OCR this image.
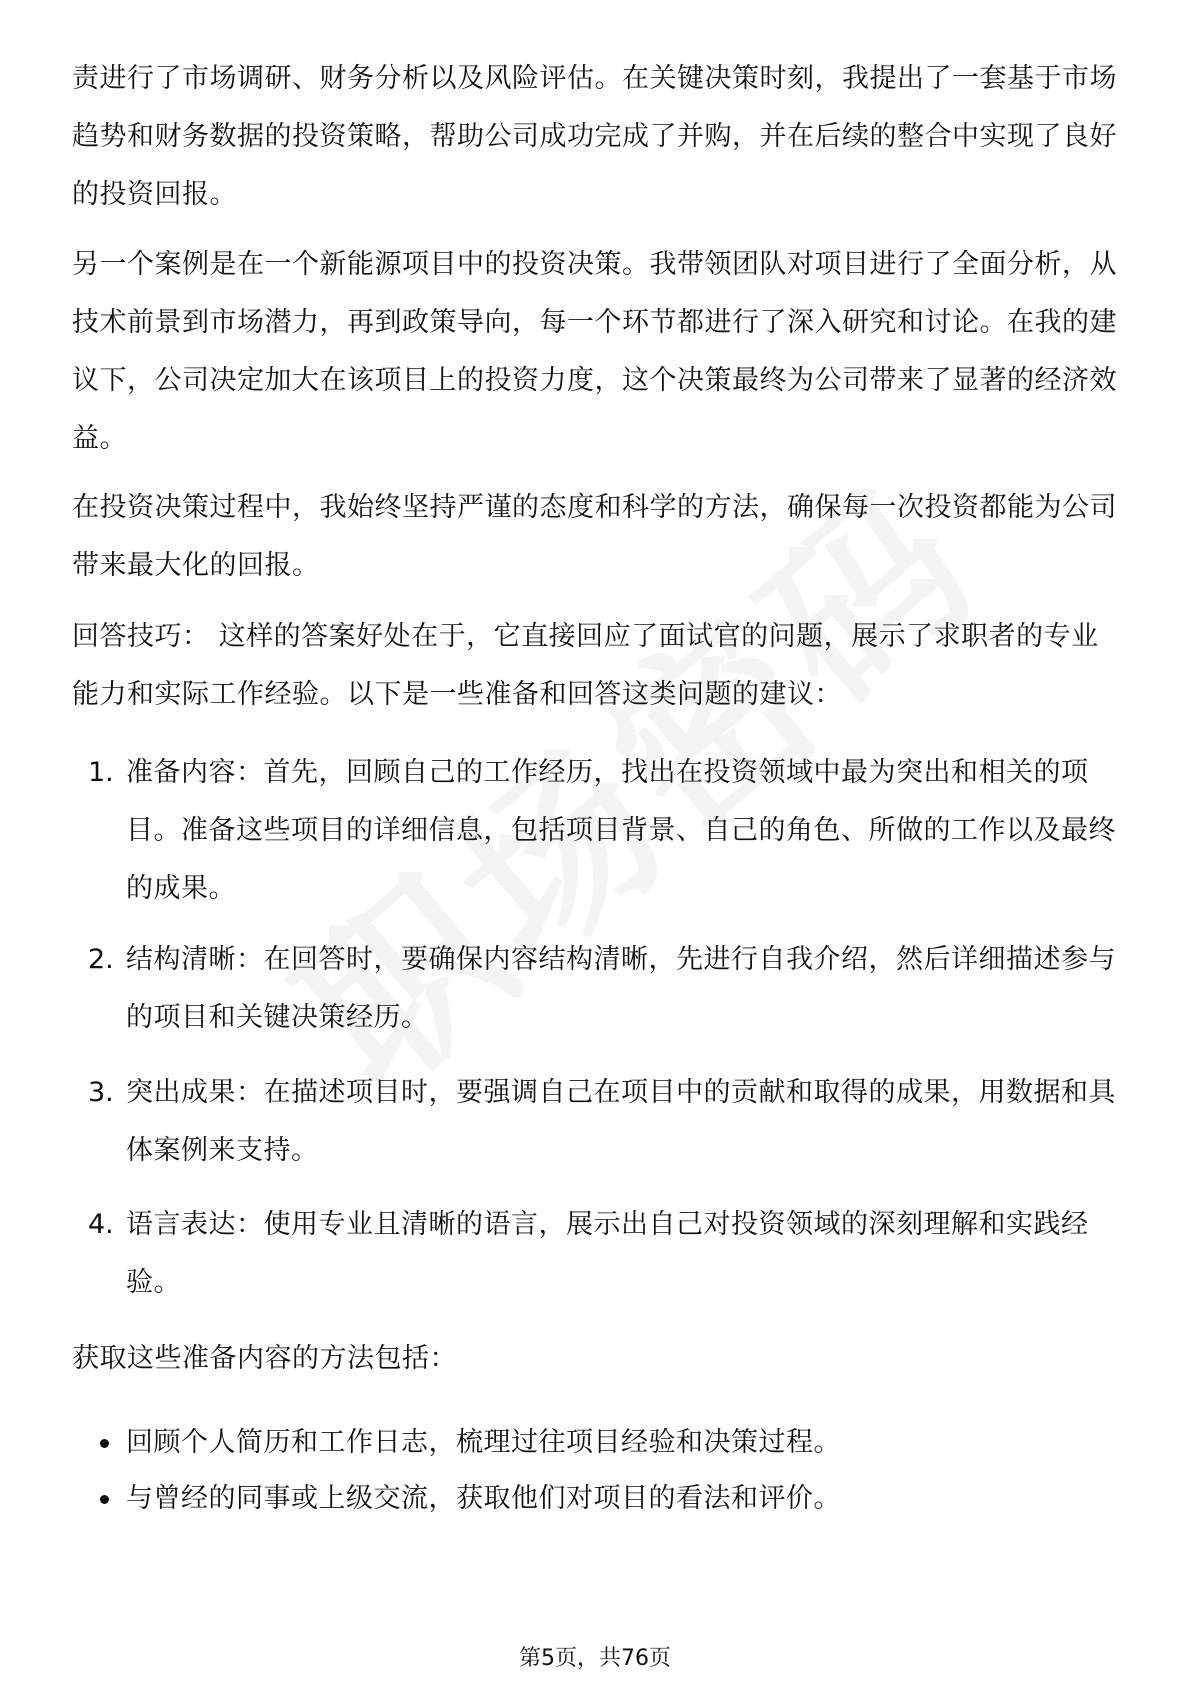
责进行了市场调研、财务分析以及风险评估。在关键决策时刻，我提出了一套基于市场趋势和财务数据的投资策略，帮助公司成功完成了并购，并在后续的整合中实现了良好的投资回报。

另一个案例是在一个新能源项目中的投资决策。我带领团队对项目进行了全面分析，从技术前景到市场潜力，再到政策导向，每一个环节都进行了深入研究和讨论。在我的建议下，公司决定加大在该项目上的投资力度，这个决策最终为公司带来了显著的经济效益。

在投资决策过程中，我始终坚持严谨的态度和科学的方法，确保每一次投资都能为公司带来最大化的回报。

回答技巧： 这样的答案好处在于，它直接回应了面试官的问题，展示了求职者的专业能力和实际工作经验。以下是一些准备和回答这类问题的建议：

1. 准备内容：首先，回顾自己的工作经历，找出在投资领域中最为突出和相关的项目。准备这些项目的详细信息，包括项目背景、自己的角色、所做的工作以及最终的成果。
2. 结构清晰：在回答时，要确保内容结构清晰，先进行自我介绍，然后详细描述参与的项目和关键决策经历。
3. 突出成果：在描述项目时，要强调自己在项目中的贡献和取得的成果，用数据和具体案例来支持。
4. 语言表达：使用专业且清晰的语言，展示出自己对投资领域的深刻理解和实践经验。

获取这些准备内容的方法包括：

回顾个人简历和工作日志，梳理过往项目经验和决策过程。
与曾经的同事或上级交流，获取他们对项目的看法和评价。
第5页，共76页
